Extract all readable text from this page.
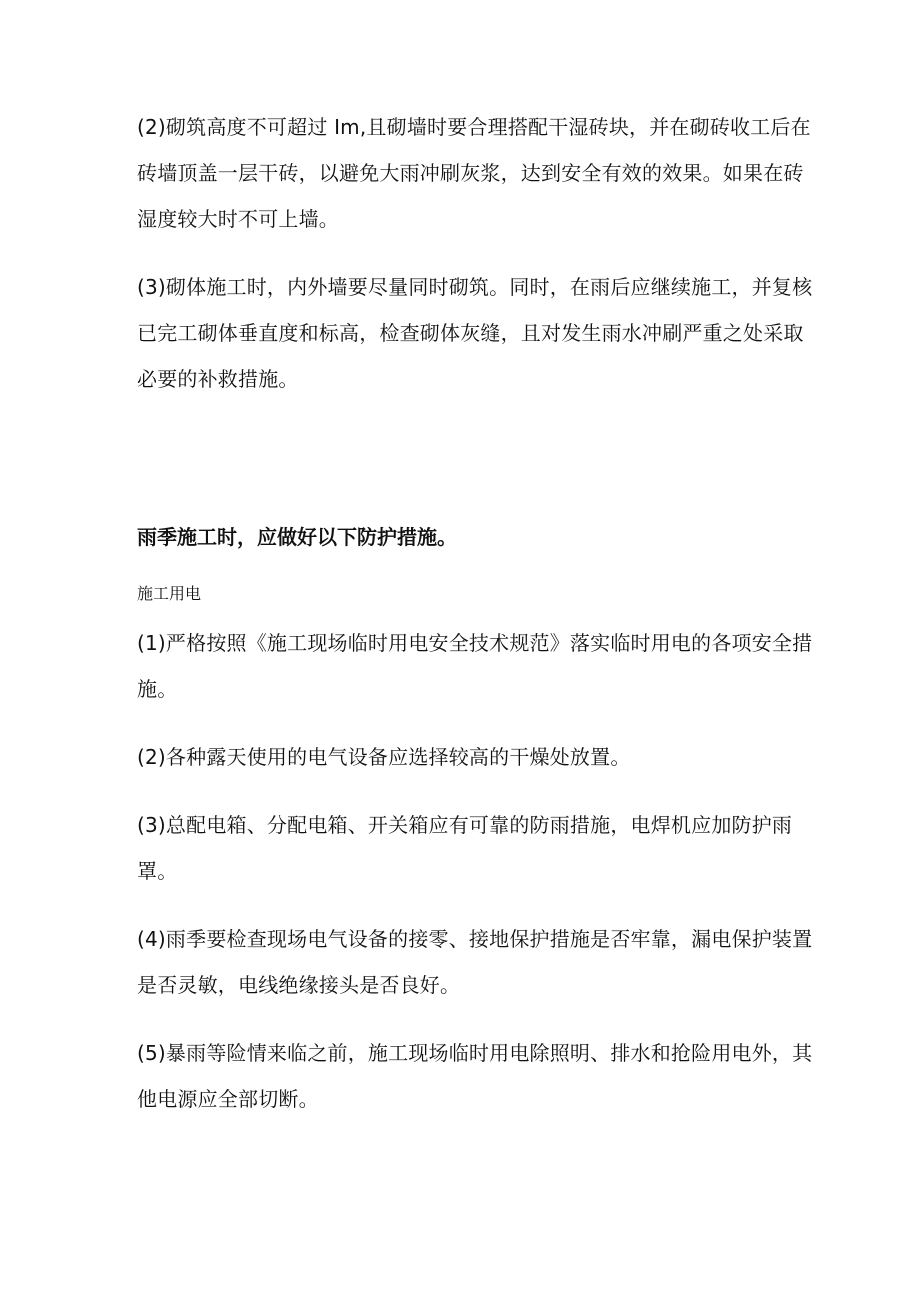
(2)砌筑高度不可超过 Im,且砌墙时要合理搭配干湿砖块，并在砌砖收工后在砖墙顶盖一层干砖，以避免大雨冲刷灰浆，达到安全有效的效果。如果在砖湿度较大时不可上墙。

(3)砌体施工时，内外墙要尽量同时砌筑。同时，在雨后应继续施工，并复核已完工砌体垂直度和标高，检查砌体灰缝，且对发生雨水冲刷严重之处采取必要的补救措施。

雨季施工时，应做好以下防护措施。

施工用电

(1)严格按照《施工现场临时用电安全技术规范》落实临时用电的各项安全措施。

(2)各种露天使用的电气设备应选择较高的干燥处放置。

(3)总配电箱、分配电箱、开关箱应有可靠的防雨措施，电焊机应加防护雨罩。

(4)雨季要检查现场电气设备的接零、接地保护措施是否牢靠，漏电保护装置是否灵敏，电线绝缘接头是否良好。

(5)暴雨等险情来临之前，施工现场临时用电除照明、排水和抢险用电外，其他电源应全部切断。
